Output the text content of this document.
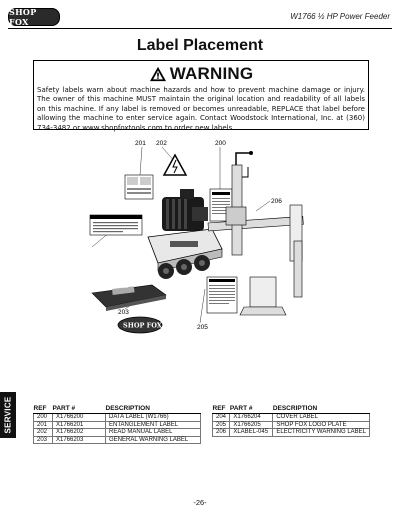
SHOP FOX
W1766 ½ HP Power Feeder
Label Placement
WARNING
Safety labels warn about machine hazards and how to prevent machine damage or injury. The owner of this machine MUST maintain the original location and readability of all labels on this machine. If any label is removed or becomes unreadable, REPLACE that label before allowing the machine to enter service again. Contact Woodstock International, Inc. at (360) 734-3482 or www.shopfoxtools.com to order new labels.
201 202	200
206
203
205
SHOP FOX
SHOP FOX
REF	PART #	DESCRIPTION
200	X1766200	DATA LABEL (W1766)
201	X1766201	ENTANGLEMENT LABEL
202	X1766202	READ MANUAL LABEL
203	X1766203	GENERAL WARNING LABEL
REF	PART #	DESCRIPTION
204	X1766204	COVER LABEL
205	X1766205	SHOP FOX LOGO PLATE
206	XLABEL-045	ELECTRICITY WARNING LABEL
SERVICE
-26-
